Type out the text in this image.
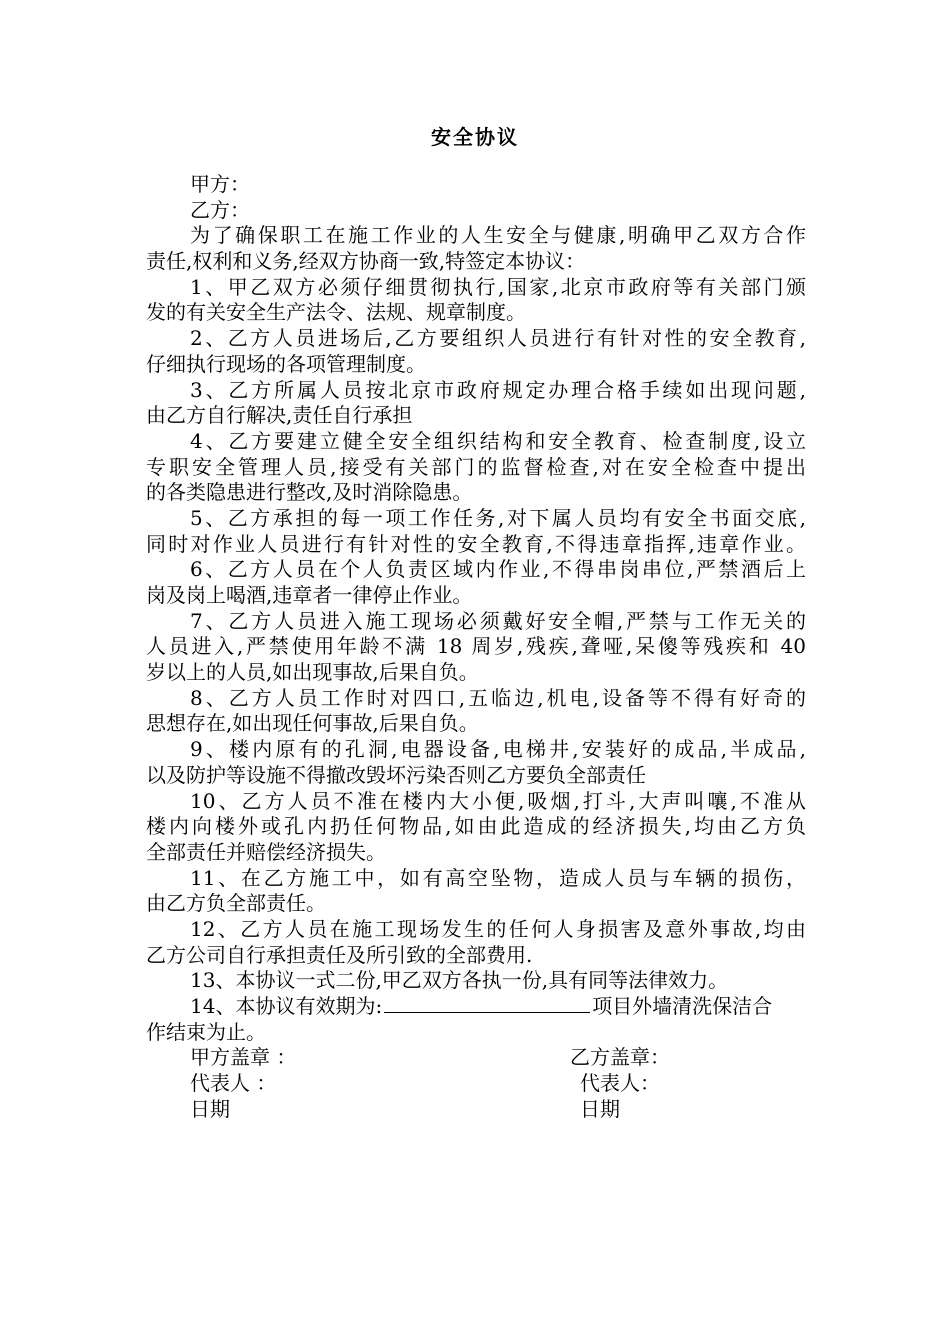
安全协议
甲方：
乙方：
为了确保职工在施工作业的人生安全与健康,明确甲乙双方合作
责任,权利和义务,经双方协商一致,特签定本协议：
1、甲乙双方必须仔细贯彻执行,国家,北京市政府等有关部门颁
发的有关安全生产法令、法规、规章制度。
2、乙方人员进场后,乙方要组织人员进行有针对性的安全教育,
仔细执行现场的各项管理制度。
3、乙方所属人员按北京市政府规定办理合格手续如出现问题,
由乙方自行解决,责任自行承担
4、乙方要建立健全安全组织结构和安全教育、检查制度,设立
专职安全管理人员,接受有关部门的监督检查,对在安全检查中提出
的各类隐患进行整改,及时消除隐患。
5、乙方承担的每一项工作任务,对下属人员均有安全书面交底,
同时对作业人员进行有针对性的安全教育,不得违章指挥,违章作业。
6、乙方人员在个人负责区域内作业,不得串岗串位,严禁酒后上
岗及岗上喝酒,违章者一律停止作业。
7、乙方人员进入施工现场必须戴好安全帽,严禁与工作无关的
人员进入,严禁使用年龄不满 18 周岁,残疾,聋哑,呆傻等残疾和 40
岁以上的人员,如出现事故,后果自负。
8、乙方人员工作时对四口,五临边,机电,设备等不得有好奇的
思想存在,如出现任何事故,后果自负。
9、楼内原有的孔洞,电器设备,电梯井,安装好的成品,半成品,
以及防护等设施不得撤改毁坏污染否则乙方要负全部责任
10、乙方人员不准在楼内大小便,吸烟,打斗,大声叫嚷,不准从
楼内向楼外或孔内扔任何物品,如由此造成的经济损失,均由乙方负
全部责任并赔偿经济损失。
11、在乙方施工中，如有高空坠物，造成人员与车辆的损伤，
由乙方负全部责任。
12、乙方人员在施工现场发生的任何人身损害及意外事故,均由
乙方公司自行承担责任及所引致的全部费用.
13、本协议一式二份,甲乙双方各执一份,具有同等法律效力。
14、本协议有效期为:	项目外墙清洗保洁合
作结束为止。
甲方盖章 ：	乙方盖章：
代表人 ：	代表人：
日期	日期
